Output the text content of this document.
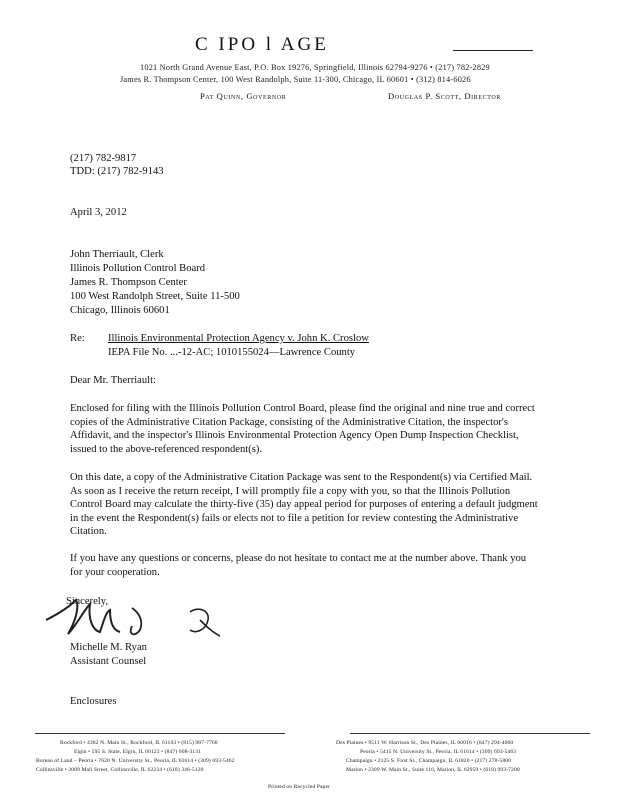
C IPO l AGE
1021 North Grand Avenue East, P.O. Box 19276, Springfield, Illinois 62794-9276 • (217) 782-2829
James R. Thompson Center, 100 West Randolph, Suite 11-300, Chicago, IL 60601 • (312) 814-6026
Pat Quinn, Governor	Douglas P. Scott, Director
(217) 782-9817
TDD: (217) 782-9143
April 3, 2012
John Therriault, Clerk
Illinois Pollution Control Board
James R. Thompson Center
100 West Randolph Street, Suite 11-500
Chicago, Illinois 60601
Re: Illinois Environmental Protection Agency v. John K. Croslow
IEPA File No. ...-12-AC; 1010155024—Lawrence County
Dear Mr. Therriault:
Enclosed for filing with the Illinois Pollution Control Board, please find the original and nine true and correct copies of the Administrative Citation Package, consisting of the Administrative Citation, the inspector's Affidavit, and the inspector's Illinois Environmental Protection Agency Open Dump Inspection Checklist, issued to the above-referenced respondent(s).
On this date, a copy of the Administrative Citation Package was sent to the Respondent(s) via Certified Mail. As soon as I receive the return receipt, I will promptly file a copy with you, so that the Illinois Pollution Control Board may calculate the thirty-five (35) day appeal period for purposes of entering a default judgment in the event the Respondent(s) fails or elects not to file a petition for review contesting the Administrative Citation.
If you have any questions or concerns, please do not hesitate to contact me at the number above. Thank you for your cooperation.
Sincerely,
Michelle M. Ryan
Assistant Counsel
Enclosures
Rockford • 4302 N. Main St., Rockford, IL 61103 • (815) 987-7760
Elgin • 595 S. State, Elgin, IL 60123 • (847) 608-3131
Bureau of Land – Peoria • 7620 N. University St., Peoria, IL 61614 • (309) 693-5462
Collinsville • 2009 Mall Street, Collinsville, IL 62234 • (618) 346-5120
Des Plaines • 9511 W. Harrison St., Des Plaines, IL 60016 • (847) 294-4000
Peoria • 5415 N. University St., Peoria, IL 61614 • (309) 693-5463
Champaign • 2125 S. First St., Champaign, IL 61820 • (217) 278-5800
Marion • 2309 W. Main St., Suite 116, Marion, IL 62959 • (618) 993-7200
Printed on Recycled Paper
